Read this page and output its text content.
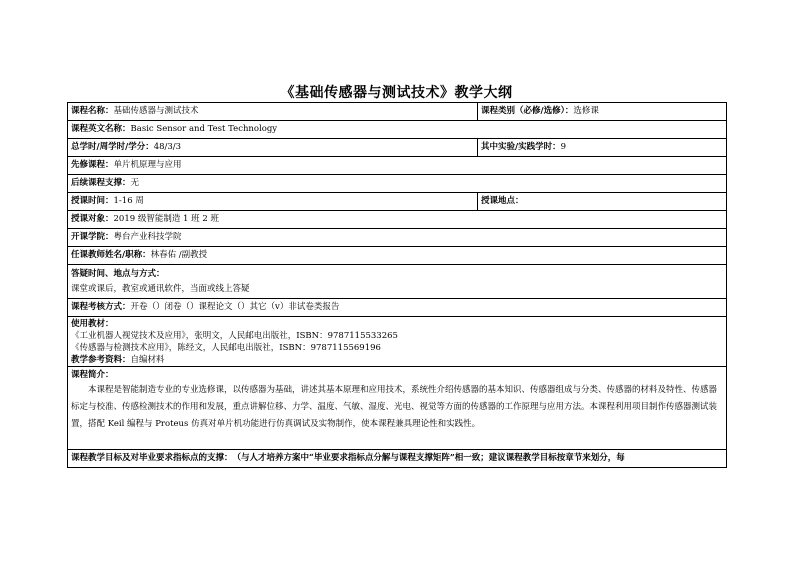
《基础传感器与测试技术》教学大纲
课程名称： 基础传感器与测试技术	课程类别（必修/选修）： 选修课
课程英文名称： Basic Sensor and Test Technology
总学时/周学时/学分： 48/3/3	其中实验/实践学时： 9
先修课程： 单片机原理与应用
后续课程支撑： 无
授课时间： 1-16 周	授课地点：
授课对象： 2019 级智能制造 1 班 2 班
开课学院： 粤台产业科技学院
任课教师姓名/职称： 林春佑 /副教授
答疑时间、地点与方式：
课堂或课后，教室或通讯软件，当面或线上答疑
课程考核方式： 开卷（）闭卷（）课程论文（）其它（v）非试卷类报告
使用教材：
《工业机器人视觉技术及应用》，张明文，人民邮电出版社，ISBN：9787115533265
《传感器与检测技术应用》，陈经文，人民邮电出版社，ISBN：9787115569196
教学参考资料：自编材料
课程简介：
本课程是智能制造专业的专业选修课，以传感器为基础，讲述其基本原理和应用技术，系统性介绍传感器的基本知识、传感器组成与分类、传感器的材料及特性、传感器标定与校准、传感检测技术的作用和发展，重点讲解位移、力学、温度、气敏、湿度、光电、视觉等方面的传感器的工作原理与应用方法。本课程利用项目制作传感器测试装置，搭配 Keil 编程与 Proteus 仿真对单片机功能进行仿真调试及实物制作，使本课程兼具理论性和实践性。
课程教学目标及对毕业要求指标点的支撑： （与人才培养方案中“毕业要求指标点分解与课程支撑矩阵”相一致；建议课程教学目标按章节来划分，每
